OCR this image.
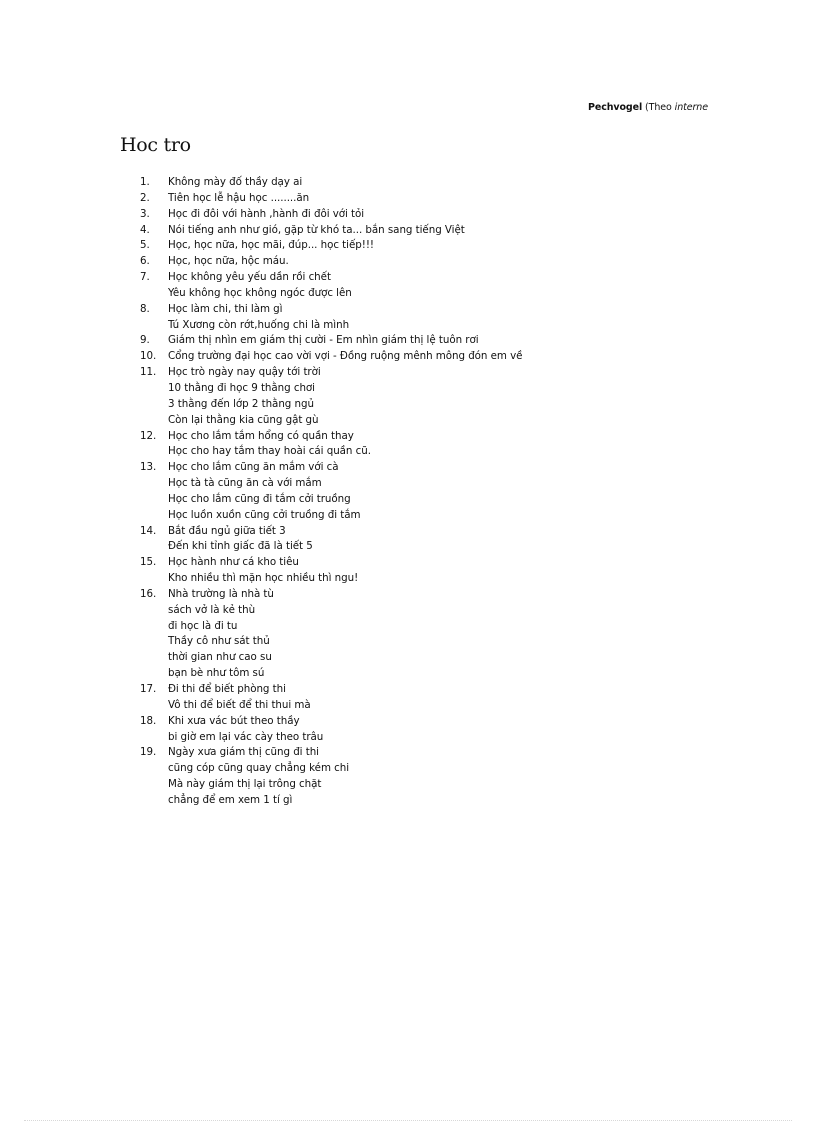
Pechvogel (Theo interne
Hoc tro
1.	Không mày đố thầy dạy ai
2.	Tiên học lễ hậu học ........ăn
3.	Học đi đôi với hành ,hành đi đôi với tỏi
4.	Nói tiếng anh như gió, gặp từ khó ta... bắn sang tiếng Việt
5.	Học, học nữa, học mãi, đúp... học tiếp!!!
6.	Học, học nữa, hộc máu.
7.	Học không yêu yếu dần rồi chết
Yêu không học không ngóc được lên
8.	Học làm chi, thi làm gì
Tú Xương còn rớt,huống chi là mình
9.	Giám thị nhìn em giám thị cười - Em nhìn giám thị lệ tuôn rơi
10.	Cổng trường đại học cao vời vợi - Đồng ruộng mênh mông đón em về
11.	Học trò ngày nay quậy tới trời
10 thằng đi học 9 thằng chơi
3 thằng đến lớp 2 thằng ngủ
Còn lại thằng kia cũng gật gù
12.	Học cho lắm tắm hổng có quần thay
Học cho hay tắm thay hoài cái quần cũ.
13.	Học cho lắm cũng ăn mắm với cà
Học tà tà cũng ăn cà với mắm
Học cho lắm cũng đi tắm cởi truồng
Học luồn xuồn cũng cởi truồng đi tắm
14.	Bắt đầu ngủ giữa tiết 3
Đến khi tỉnh giấc đã là tiết 5
15.	Học hành như cá kho tiêu
Kho nhiều thì mặn học nhiều thì ngu!
16.	Nhà trường là nhà tù
sách vở là kẻ thù
đi học là đi tu
Thầy cô như sát thủ
thời gian như cao su
bạn bè như tôm sú
17.	Đi thi để biết phòng thi
Vô thi để biết để thi thui mà
18.	Khi xưa vác bút theo thầy
bi giờ em lại vác cày theo trâu
19.	Ngày xưa giám thị cũng đi thi
cũng cóp cũng quay chẳng kém chi
Mà này giám thị lại trông chặt
chẳng để em xem 1 tí gì
